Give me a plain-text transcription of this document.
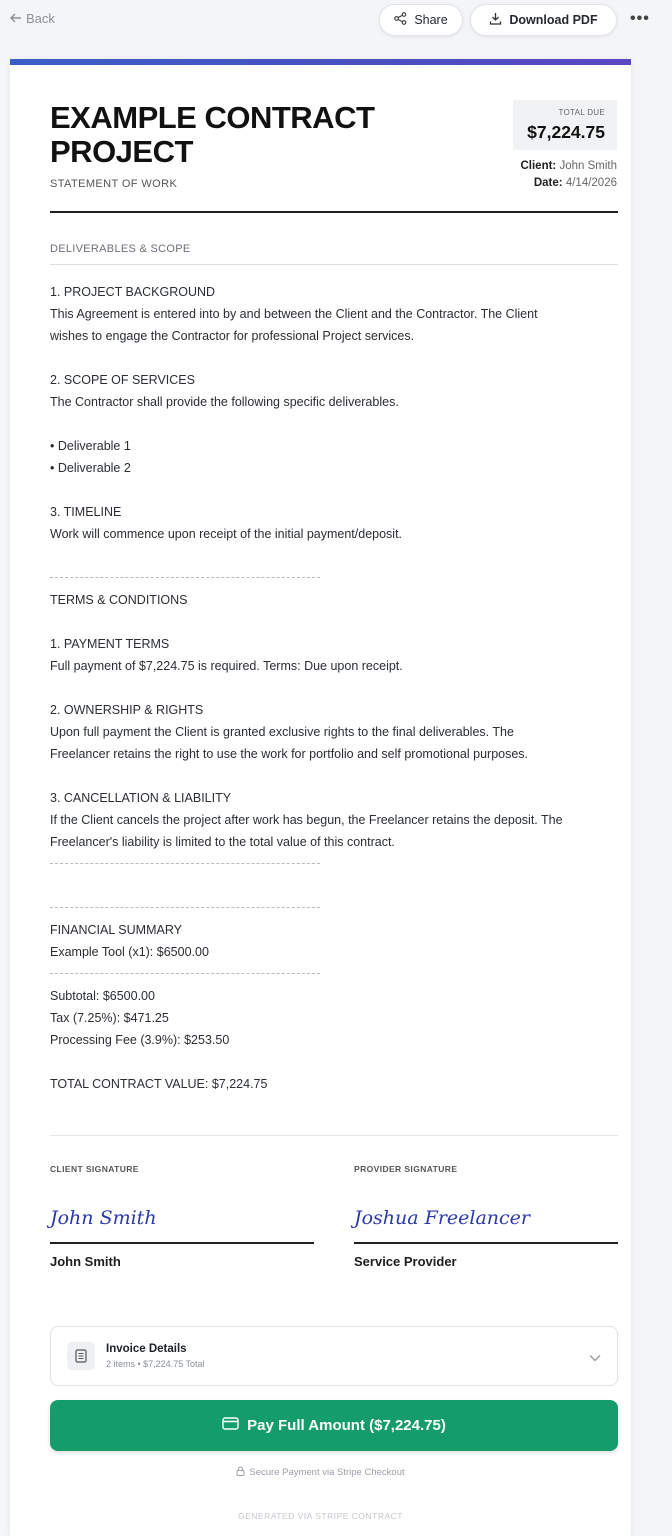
Back	Share	Download PDF •••
EXAMPLE CONTRACT PROJECT
STATEMENT OF WORK
TOTAL DUE
$7,224.75
Client: John Smith
Date: 4/14/2026
DELIVERABLES & SCOPE
1. PROJECT BACKGROUND
This Agreement is entered into by and between the Client and the Contractor. The Client
wishes to engage the Contractor for professional Project services.
2. SCOPE OF SERVICES
The Contractor shall provide the following specific deliverables.
• Deliverable 1
• Deliverable 2
3. TIMELINE
Work will commence upon receipt of the initial payment/deposit.
TERMS & CONDITIONS
1. PAYMENT TERMS
Full payment of $7,224.75 is required. Terms: Due upon receipt.
2. OWNERSHIP & RIGHTS
Upon full payment the Client is granted exclusive rights to the final deliverables. The
Freelancer retains the right to use the work for portfolio and self promotional purposes.
3. CANCELLATION & LIABILITY
If the Client cancels the project after work has begun, the Freelancer retains the deposit. The
Freelancer's liability is limited to the total value of this contract.
FINANCIAL SUMMARY
Example Tool (x1): $6500.00
Subtotal: $6500.00
Tax (7.25%): $471.25
Processing Fee (3.9%): $253.50
TOTAL CONTRACT VALUE: $7,224.75
CLIENT SIGNATURE
John Smith
John Smith
PROVIDER SIGNATURE
Joshua Freelancer
Service Provider
Invoice Details
2 items • $7,224.75 Total
Pay Full Amount ($7,224.75)
Secure Payment via Stripe Checkout
GENERATED VIA STRIPE CONTRACT
